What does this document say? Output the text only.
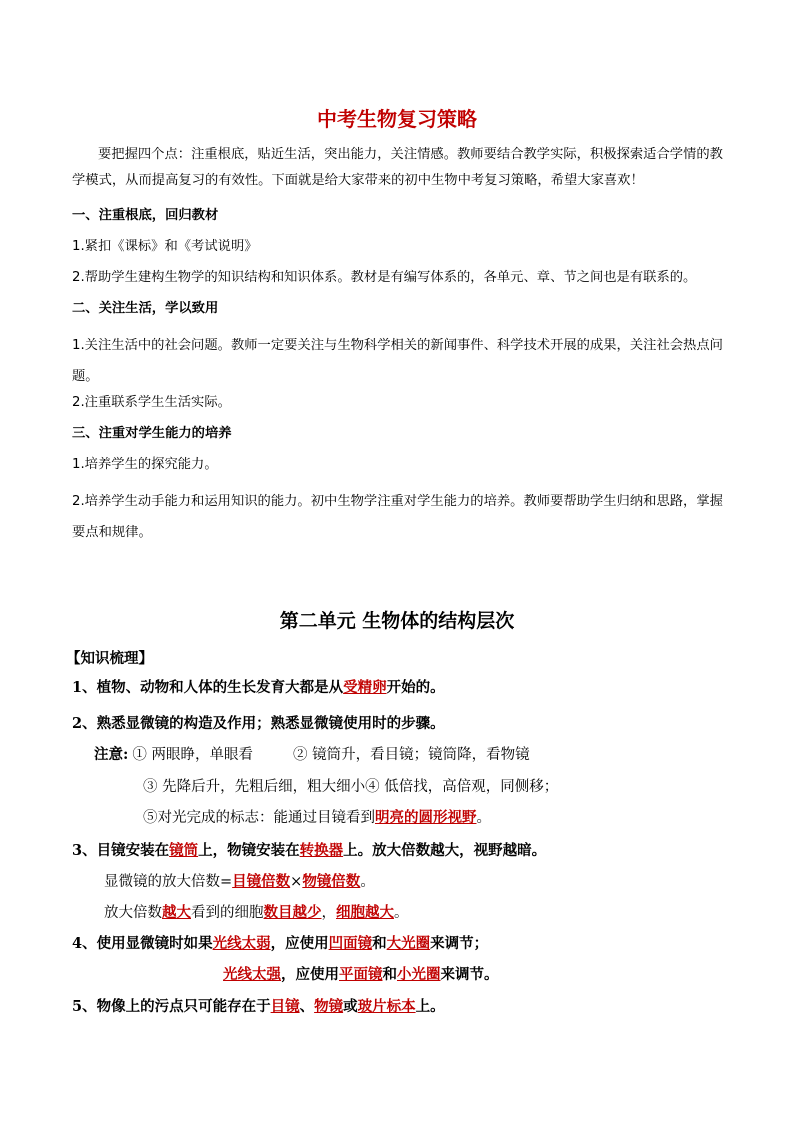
中考生物复习策略
要把握四个点：注重根底，贴近生活，突出能力，关注情感。教师要结合教学实际，积极探索适合学情的教学模式，从而提高复习的有效性。下面就是给大家带来的初中生物中考复习策略，希望大家喜欢！
一、注重根底，回归教材
1.紧扣《课标》和《考试说明》
2.帮助学生建构生物学的知识结构和知识体系。教材是有编写体系的，各单元、章、节之间也是有联系的。
二、关注生活，学以致用
1.关注生活中的社会问题。教师一定要关注与生物科学相关的新闻事件、科学技术开展的成果，关注社会热点问题。
2.注重联系学生生活实际。
三、注重对学生能力的培养
1.培养学生的探究能力。
2.培养学生动手能力和运用知识的能力。初中生物学注重对学生能力的培养。教师要帮助学生归纳和思路，掌握要点和规律。
第二单元 生物体的结构层次
【知识梳理】
1、植物、动物和人体的生长发育大都是从受精卵开始的。
2、熟悉显微镜的构造及作用；熟悉显微镜使用时的步骤。
注意: ① 两眼睁，单眼看	② 镜筒升，看目镜；镜筒降，看物镜
③ 先降后升，先粗后细，粗大细小④ 低倍找，高倍观，同侧移；
⑤对光完成的标志：能通过目镜看到明亮的圆形视野。
3、目镜安装在镜筒上，物镜安装在转换器上。放大倍数越大，视野越暗。
显微镜的放大倍数=目镜倍数×物镜倍数。
放大倍数越大看到的细胞数目越少，细胞越大。
4、使用显微镜时如果光线太弱，应使用凹面镜和大光圈来调节；
光线太强，应使用平面镜和小光圈来调节。
5、物像上的污点只可能存在于目镜、物镜或玻片标本上。
